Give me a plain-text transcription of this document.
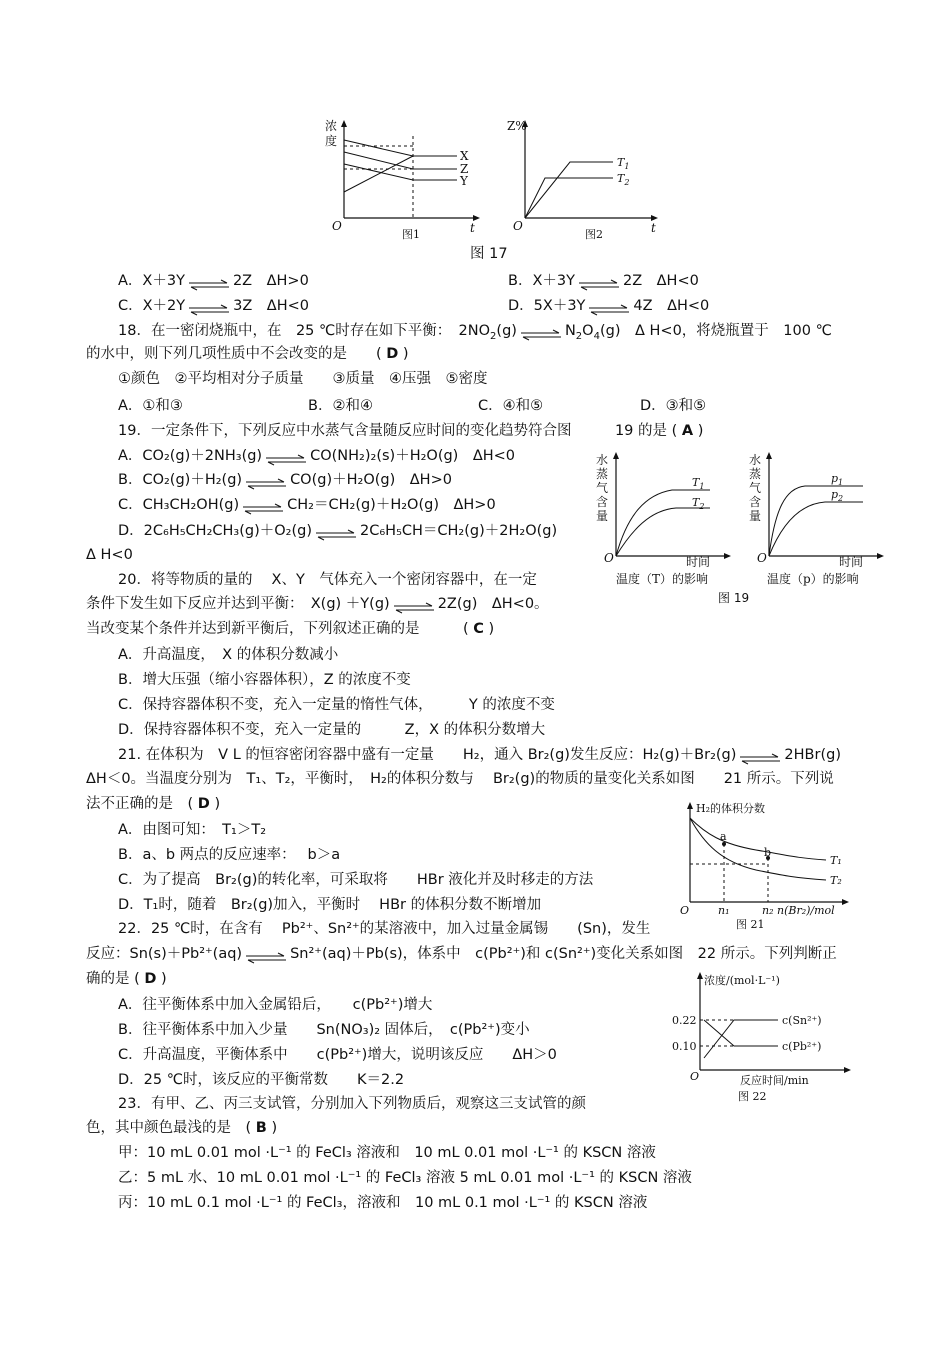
浓
度
O	t
X
Z
Y
图1
Z%
O	t
$T_1$
$T_2$
图2
图 17
A．X＋3Y ⇌ 2Z　ΔH>0	B．X＋3Y ⇌ 2Z　ΔH<0
C．X＋2Y ⇌ 3Z　ΔH<0	D．5X＋3Y ⇌ 4Z　ΔH<0
18．在一密闭烧瓶中，在　25 ℃时存在如下平衡：　$2NO_2(g)$ ⇌ $N_2O_4(g)$　Δ H<0，将烧瓶置于　100 ℃
的水中，则下列几项性质中不会改变的是　　( D )
①颜色　②平均相对分子质量　　③质量　④压强　⑤密度
A．①和③	B．②和④	C．④和⑤	D．③和⑤
19．一定条件下，下列反应中水蒸气含量随反应时间的变化趋势符合图　　　19 的是 ( A )
A．CO₂(g)＋2NH₃(g) ⇌ CO(NH₂)₂(s)＋H₂O(g)　ΔH<0
B．CO₂(g)＋H₂(g) ⇌ CO(g)＋H₂O(g)　ΔH>0
C．CH₃CH₂OH(g) ⇌ CH₂＝CH₂(g)＋H₂O(g)　ΔH>0
D．2C₆H₅CH₂CH₃(g)＋O₂(g) ⇌ 2C₆H₅CH＝CH₂(g)＋2H₂O(g)
Δ H<0
水
蒸
气
含
量
$T_1$
$T_2$
O	时间
温度（T）的影响
水
蒸
气
含
量
$p_1$
$p_2$
O	时间
温度（p）的影响
图 19
20．将等物质的量的　 X、Y　气体充入一个密闭容器中，在一定
条件下发生如下反应并达到平衡：　X(g) ＋Y(g) ⇌ 2Z(g)　ΔH<0。
当改变某个条件并达到新平衡后，下列叙述正确的是　　　( C )
A．升高温度，　X 的体积分数减小
B．增大压强（缩小容器体积），Z 的浓度不变
C．保持容器体积不变，充入一定量的惰性气体，　　　Y 的浓度不变
D．保持容器体积不变，充入一定量的　　　Z，X 的体积分数增大
21. 在体积为　V L 的恒容密闭容器中盛有一定量　　H₂，通入 Br₂(g)发生反应：H₂(g)＋Br₂(g) ⇌ 2HBr(g)
ΔH＜0。当温度分别为　T₁、T₂，平衡时，　H₂的体积分数与　 Br₂(g)的物质的量变化关系如图　　21 所示。下列说
法不正确的是　( D )
A．由图可知：　T₁＞T₂
B．a、b 两点的反应速率：　 b＞a
C．为了提高　Br₂(g)的转化率，可采取将　　HBr 液化并及时移走的方法
D．T₁时，随着　Br₂(g)加入，平衡时　 HBr 的体积分数不断增加
H₂的体积分数
a
b
T₁
T₂
O	n₁	n₂ n(Br₂)/mol
图 21
22．25 ℃时，在含有　 Pb²⁺、Sn²⁺的某溶液中，加入过量金属锡　　(Sn)，发生
反应：Sn(s)＋Pb²⁺(aq) ⇌ Sn²⁺(aq)＋Pb(s)，体系中　c(Pb²⁺)和 c(Sn²⁺)变化关系如图　22 所示。下列判断正
确的是 ( D )
A．往平衡体系中加入金属铅后，　　c(Pb²⁺)增大
B．往平衡体系中加入少量　　Sn(NO₃)₂ 固体后，　c(Pb²⁺)变小
C．升高温度，平衡体系中　　c(Pb²⁺)增大，说明该反应　　ΔH＞0
D．25 ℃时，该反应的平衡常数　　K＝2.2
浓度/(mol·L⁻¹)
0.22
0.10
c(Sn²⁺)
c(Pb²⁺)
O	反应时间/min
图 22
23．有甲、乙、丙三支试管，分别加入下列物质后，观察这三支试管的颜
色，其中颜色最浅的是　( B )
甲：10 mL 0.01 mol ·L⁻¹ 的 FeCl₃ 溶液和　10 mL 0.01 mol ·L⁻¹ 的 KSCN 溶液
乙：5 mL 水、10 mL 0.01 mol ·L⁻¹ 的 FeCl₃ 溶液 5 mL 0.01 mol ·L⁻¹ 的 KSCN 溶液
丙：10 mL 0.1 mol ·L⁻¹ 的 FeCl₃，溶液和　10 mL 0.1 mol ·L⁻¹ 的 KSCN 溶液
